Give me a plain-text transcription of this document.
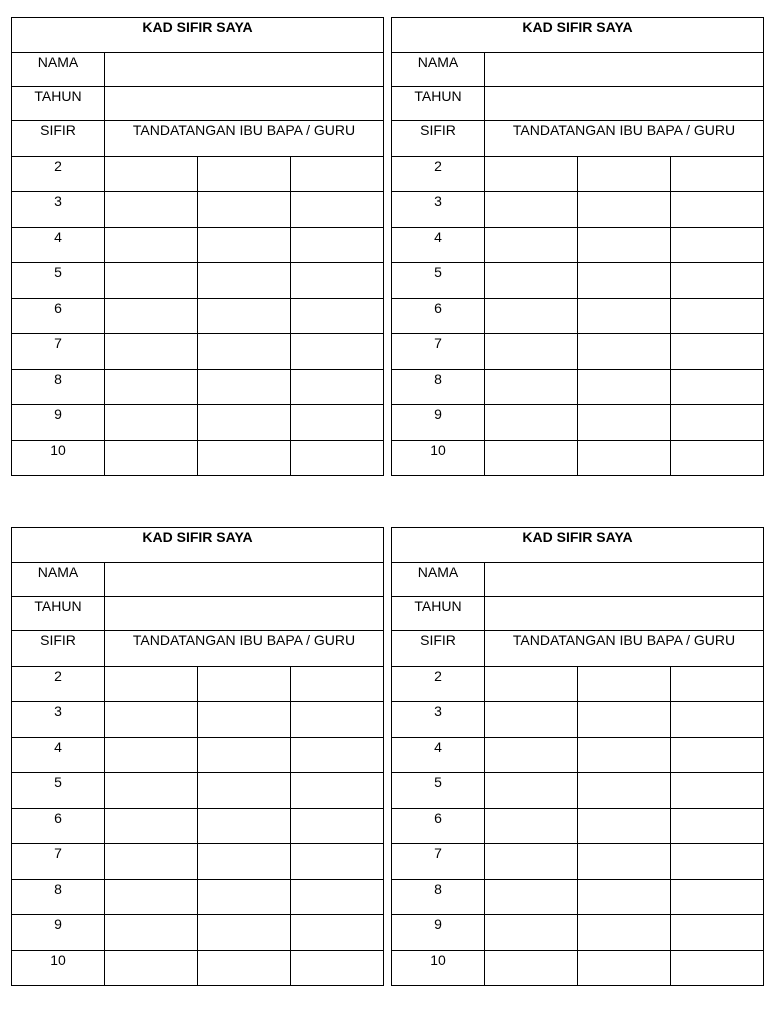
KAD SIFIR SAYA			
NAMA			
TAHUN			
SIFIR	TANDATANGAN IBU BAPA / GURU		
2			
3			
4			
5			
6			
7			
8			
9			
10			
KAD SIFIR SAYA			
NAMA			
TAHUN			
SIFIR	TANDATANGAN IBU BAPA / GURU		
2			
3			
4			
5			
6			
7			
8			
9			
10			
KAD SIFIR SAYA			
NAMA			
TAHUN			
SIFIR	TANDATANGAN IBU BAPA / GURU		
2			
3			
4			
5			
6			
7			
8			
9			
10			
KAD SIFIR SAYA			
NAMA			
TAHUN			
SIFIR	TANDATANGAN IBU BAPA / GURU		
2			
3			
4			
5			
6			
7			
8			
9			
10			
